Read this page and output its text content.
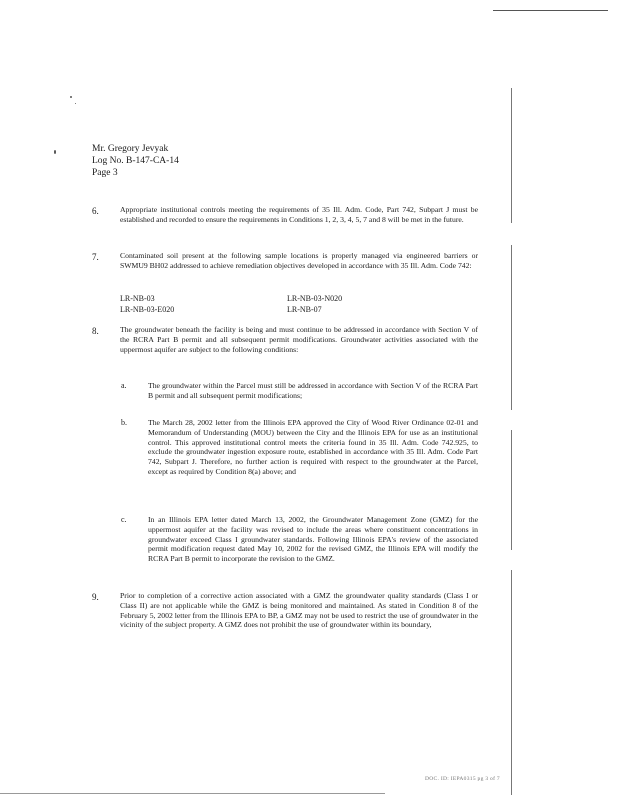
Mr. Gregory Jevyak
Log No. B-147-CA-14
Page 3
6.	Appropriate institutional controls meeting the requirements of 35 Ill. Adm. Code, Part 742, Subpart J must be established and recorded to ensure the requirements in Conditions 1, 2, 3, 4, 5, 7 and 8 will be met in the future.
7.	Contaminated soil present at the following sample locations is properly managed via engineered barriers or SWMU9 BH02 addressed to achieve remediation objectives developed in accordance with 35 Ill. Adm. Code 742:
LR-NB-03	LR-NB-03-N020
LR-NB-03-E020	LR-NB-07
8.	The groundwater beneath the facility is being and must continue to be addressed in accordance with Section V of the RCRA Part B permit and all subsequent permit modifications. Groundwater activities associated with the uppermost aquifer are subject to the following conditions:
a.	The groundwater within the Parcel must still be addressed in accordance with Section V of the RCRA Part B permit and all subsequent permit modifications;
b.	The March 28, 2002 letter from the Illinois EPA approved the City of Wood River Ordinance 02-01 and Memorandum of Understanding (MOU) between the City and the Illinois EPA for use as an institutional control. This approved institutional control meets the criteria found in 35 Ill. Adm. Code 742.925, to exclude the groundwater ingestion exposure route, established in accordance with 35 Ill. Adm. Code Part 742, Subpart J. Therefore, no further action is required with respect to the groundwater at the Parcel, except as required by Condition 8(a) above; and
c.	In an Illinois EPA letter dated March 13, 2002, the Groundwater Management Zone (GMZ) for the uppermost aquifer at the facility was revised to include the areas where constituent concentrations in groundwater exceed Class I groundwater standards. Following Illinois EPA's review of the associated permit modification request dated May 10, 2002 for the revised GMZ, the Illinois EPA will modify the RCRA Part B permit to incorporate the revision to the GMZ.
9.	Prior to completion of a corrective action associated with a GMZ the groundwater quality standards (Class I or Class II) are not applicable while the GMZ is being monitored and maintained. As stated in Condition 8 of the February 5, 2002 letter from the Illinois EPA to BP, a GMZ may not be used to restrict the use of groundwater in the vicinity of the subject property. A GMZ does not prohibit the use of groundwater within its boundary,
DOC. ID: IEPA0315 pg 3 of 7
